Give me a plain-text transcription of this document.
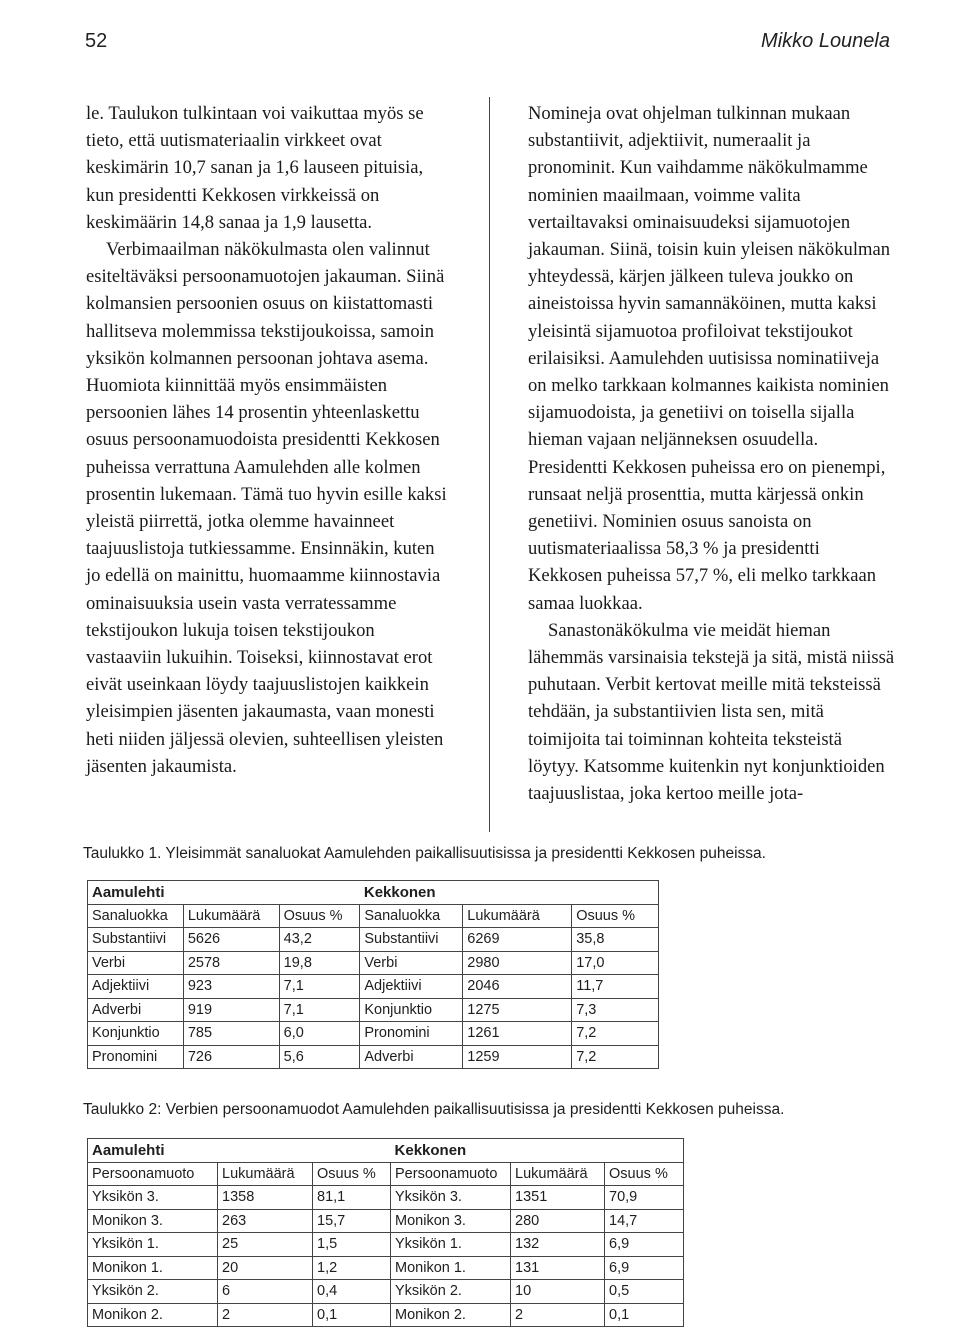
52	Mikko Lounela

le. Taulukon tulkintaan voi vaikuttaa myös se tieto, että uutismateriaalin virkkeet ovat keskimärin 10,7 sanan ja 1,6 lauseen pituisia, kun presidentti Kekkosen virkkeissä on keskimäärin 14,8 sanaa ja 1,9 lausetta.

Verbimaailman näkökulmasta olen valinnut esiteltäväksi persoonamuotojen jakauman. Siinä kolmansien persoonien osuus on kiistattomasti hallitseva molemmissa tekstijoukoissa, samoin yksikön kolmannen persoonan johtava asema. Huomiota kiinnittää myös ensimmäisten persoonien lähes 14 prosentin yhteenlaskettu osuus persoonamuodoista presidentti Kekkosen puheissa verrattuna Aamulehden alle kolmen prosentin lukemaan. Tämä tuo hyvin esille kaksi yleistä piirrettä, jotka olemme havainneet taajuuslistoja tutkiessamme. Ensinnäkin, kuten jo edellä on mainittu, huomaamme kiinnostavia ominaisuuksia usein vasta verratessamme tekstijoukon lukuja toisen tekstijoukon vastaaviin lukuihin. Toiseksi, kiinnostavat erot eivät useinkaan löydy taajuuslistojen kaikkein yleisimpien jäsenten jakaumasta, vaan monesti heti niiden jäljessä olevien, suhteellisen yleisten jäsenten jakaumista.

Nomineja ovat ohjelman tulkinnan mukaan substantiivit, adjektiivit, numeraalit ja pronominit. Kun vaihdamme näkökulmamme nominien maailmaan, voimme valita vertailtavaksi ominaisuudeksi sijamuotojen jakauman. Siinä, toisin kuin yleisen näkökulman yhteydessä, kärjen jälkeen tuleva joukko on aineistoissa hyvin samannäköinen, mutta kaksi yleisintä sijamuotoa profiloivat tekstijoukot erilaisiksi. Aamulehden uutisissa nominatiiveja on melko tarkkaan kolmannes kaikista nominien sijamuodoista, ja genetiivi on toisella sijalla hieman vajaan neljänneksen osuudella. Presidentti Kekkosen puheissa ero on pienempi, runsaat neljä prosenttia, mutta kärjessä onkin genetiivi. Nominien osuus sanoista on uutismateriaalissa 58,3 % ja presidentti Kekkosen puheissa 57,7 %, eli melko tarkkaan samaa luokkaa.

Sanastonäkökulma vie meidät hieman lähemmäs varsinaisia tekstejä ja sitä, mistä niissä puhutaan. Verbit kertovat meille mitä teksteissä tehdään, ja substantiivien lista sen, mitä toimijoita tai toiminnan kohteita teksteistä löytyy. Katsomme kuitenkin nyt konjunktioiden taajuuslistaa, joka kertoo meille jota-

Taulukko 1. Yleisimmät sanaluokat Aamulehden paikallisuutisissa ja presidentti Kekkosen puheissa.
Aamulehti			Kekkonen		
Sanaluokka	Lukumäärä	Osuus %	Sanaluokka	Lukumäärä	Osuus %
Substantiivi	5626	43,2	Substantiivi	6269	35,8
Verbi	2578	19,8	Verbi	2980	17,0
Adjektiivi	923	7,1	Adjektiivi	2046	11,7
Adverbi	919	7,1	Konjunktio	1275	7,3
Konjunktio	785	6,0	Pronomini	1261	7,2
Pronomini	726	5,6	Adverbi	1259	7,2
Taulukko 2: Verbien persoonamuodot Aamulehden paikallisuutisissa ja presidentti Kekkosen puheissa.
Aamulehti			Kekkonen		
Persoonamuoto	Lukumäärä	Osuus %	Persoonamuoto	Lukumäärä	Osuus %
Yksikön 3.	1358	81,1	Yksikön 3.	1351	70,9
Monikon 3.	263	15,7	Monikon 3.	280	14,7
Yksikön 1.	25	1,5	Yksikön 1.	132	6,9
Monikon 1.	20	1,2	Monikon 1.	131	6,9
Yksikön 2.	6	0,4	Yksikön 2.	10	0,5
Monikon 2.	2	0,1	Monikon 2.	2	0,1
